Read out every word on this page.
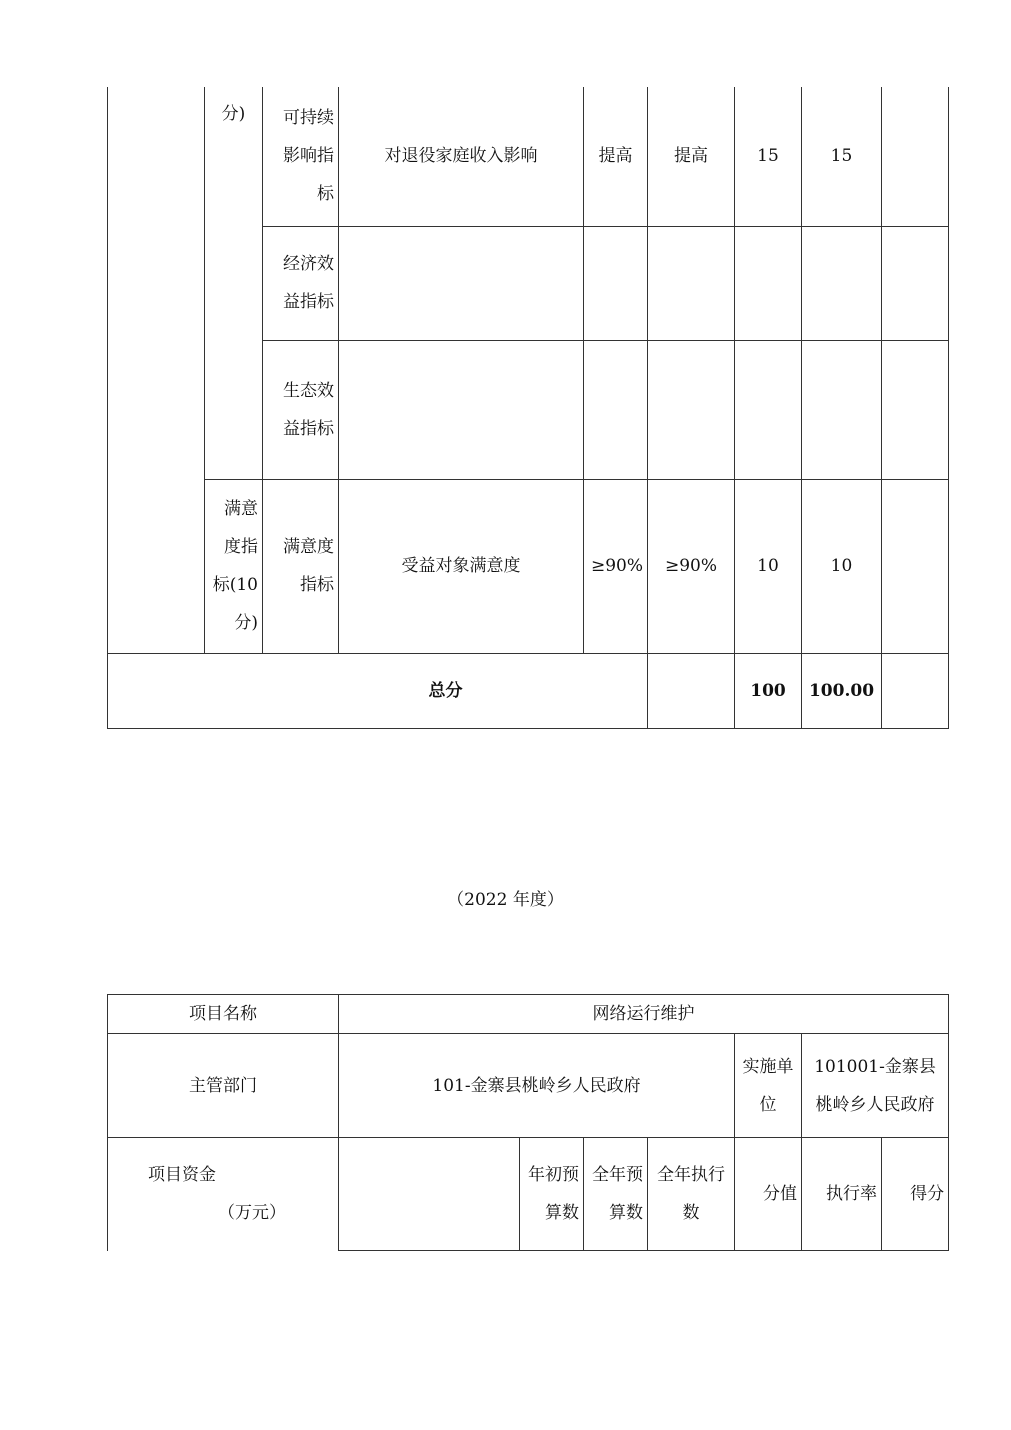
	分)	可持续影响指标	对退役家庭收入影响	提高	提高	15	15	
		经济效益指标						
		生态效益指标						
	满意度指标(10分)	满意度指标	受益对象满意度	≥90%	≥90%	10	10	
总分						100	100.00	
（2022 年度）
项目名称	网络运行维护						
主管部门	101-金寨县桃岭乡人民政府				实施单位	101001-金寨县桃岭乡人民政府	

项目资金
（万元）		年初预算数	全年预算数	全年执行数	分值	执行率	得分
